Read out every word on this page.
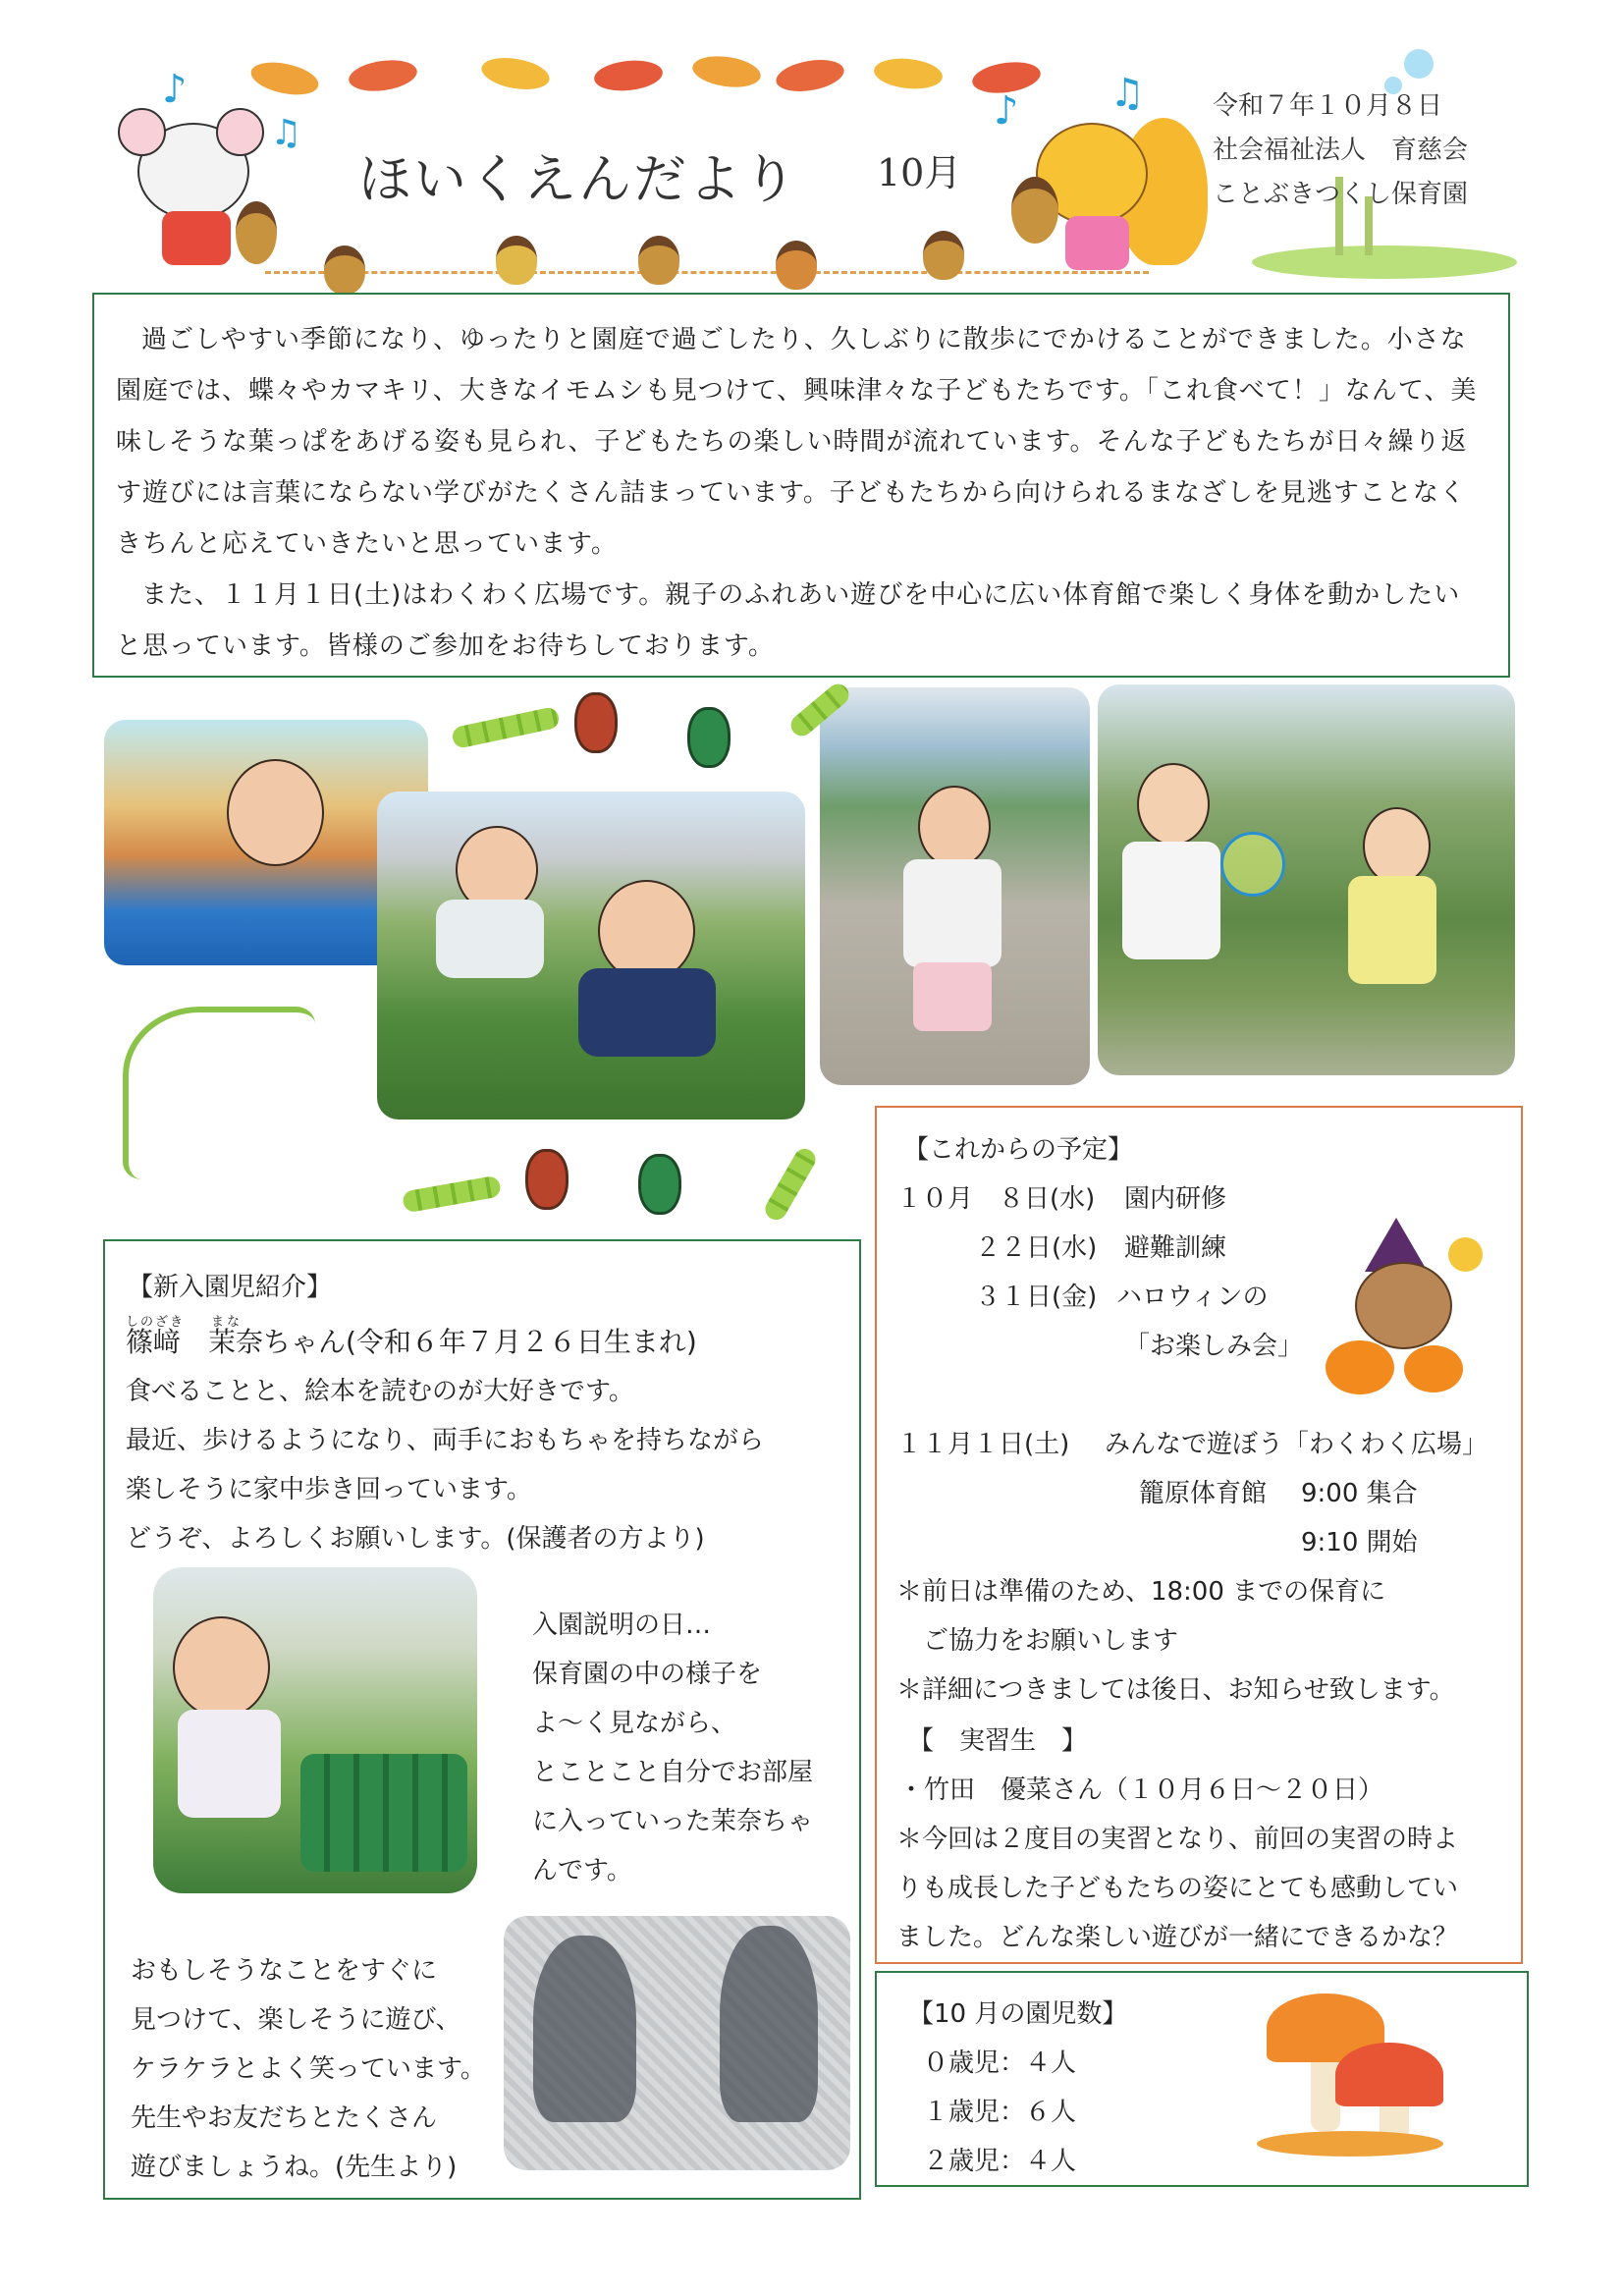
♪
♫	♪ ♫
ほいくえんだより 10月
令和７年１０月８日
社会福祉法人　育慈会
ことぶきつくし保育園

過ごしやすい季節になり、ゆったりと園庭で過ごしたり、久しぶりに散歩にでかけることができました。小さな園庭では、蝶々やカマキリ、大きなイモムシも見つけて、興味津々な子どもたちです。「これ食べて！」なんて、美味しそうな葉っぱをあげる姿も見られ、子どもたちの楽しい時間が流れています。そんな子どもたちが日々繰り返す遊びには言葉にならない学びがたくさん詰まっています。子どもたちから向けられるまなざしを見逃すことなくきちんと応えていきたいと思っています。

また、１１月１日(土)はわくわく広場です。親子のふれあい遊びを中心に広い体育館で楽しく身体を動かしたいと思っています。皆様のご参加をお待ちしております。

【新入園児紹介】
しのざき まな
篠﨑　茉奈ちゃん(令和６年７月２６日生まれ)
食べることと、絵本を読むのが大好きです。
最近、歩けるようになり、両手におもちゃを持ちながら
楽しそうに家中歩き回っています。
どうぞ、よろしくお願いします。(保護者の方より)
入園説明の日…
保育園の中の様子を
よ～く見ながら、
とことこと自分でお部屋
に入っていった茉奈ちゃ
んです。
おもしそうなことをすぐに
見つけて、楽しそうに遊び、
ケラケラとよく笑っています。
先生やお友だちとたくさん
遊びましょうね。(先生より)
【これからの予定】
１０月　８日(水) 園内研修
２２日(水) 避難訓練
３１日(金) ハロウィンの
「お楽しみ会」
１１月１日(土) みんなで遊ぼう「わくわく広場」
籠原体育館 9:00 集合
9:10 開始
＊前日は準備のため、18:00 までの保育に
ご協力をお願いします
＊詳細につきましては後日、お知らせ致します。
【　実習生　】
・竹田　優菜さん（１０月６日～２０日）
＊今回は２度目の実習となり、前回の実習の時よ
りも成長した子どもたちの姿にとても感動してい
ました。どんな楽しい遊びが一緒にできるかな？
【10 月の園児数】
０歳児：４人
１歳児：６人
２歳児：４人
